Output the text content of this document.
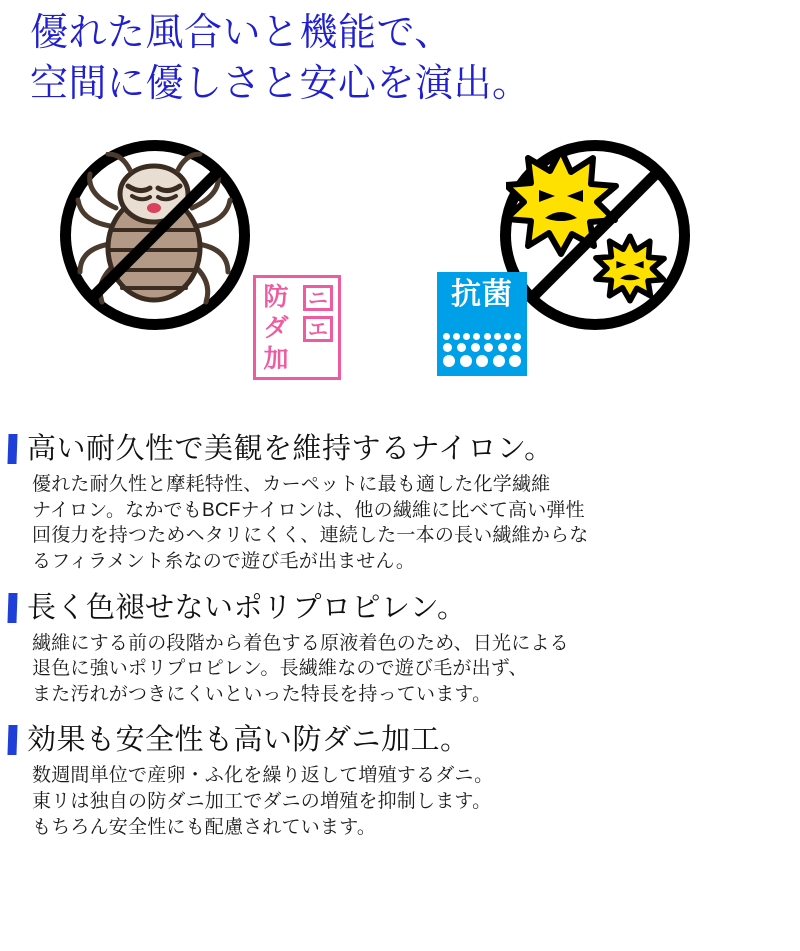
優れた風合いと機能で、
空間に優しさと安心を演出。
防 ニ
ダ エ
加
抗菌
高い耐久性で美観を維持するナイロン。
優れた耐久性と摩耗特性、カーペットに最も適した化学繊維
ナイロン。なかでもBCFナイロンは、他の繊維に比べて高い弾性
回復力を持つためヘタリにくく、連続した一本の長い繊維からな
るフィラメント糸なので遊び毛が出ません。
長く色褪せないポリプロピレン。
繊維にする前の段階から着色する原液着色のため、日光による
退色に強いポリプロピレン。長繊維なので遊び毛が出ず、
また汚れがつきにくいといった特長を持っています。
効果も安全性も高い防ダニ加工。
数週間単位で産卵・ふ化を繰り返して増殖するダニ。
東リは独自の防ダニ加工でダニの増殖を抑制します。
もちろん安全性にも配慮されています。
